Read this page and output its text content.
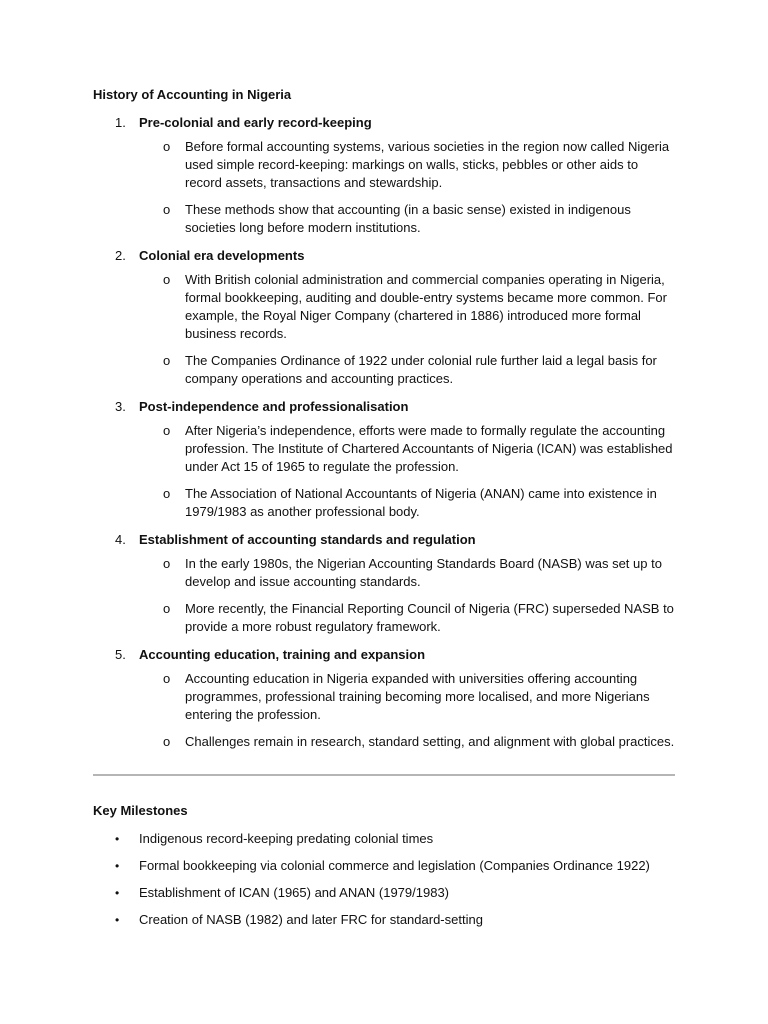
History of Accounting in Nigeria

1.	Pre-colonial and early record-keeping
o Before formal accounting systems, various societies in the region now called Nigeria used simple record-keeping: markings on walls, sticks, pebbles or other aids to record assets, transactions and stewardship.
o These methods show that accounting (in a basic sense) existed in indigenous societies long before modern institutions.
2.	Colonial era developments
o With British colonial administration and commercial companies operating in Nigeria, formal bookkeeping, auditing and double-entry systems became more common. For example, the Royal Niger Company (chartered in 1886) introduced more formal business records.
o The Companies Ordinance of 1922 under colonial rule further laid a legal basis for company operations and accounting practices.
3.	Post-independence and professionalisation
o After Nigeria’s independence, efforts were made to formally regulate the accounting profession. The Institute of Chartered Accountants of Nigeria (ICAN) was established under Act 15 of 1965 to regulate the profession.
o The Association of National Accountants of Nigeria (ANAN) came into existence in 1979/1983 as another professional body.
4.	Establishment of accounting standards and regulation
o In the early 1980s, the Nigerian Accounting Standards Board (NASB) was set up to develop and issue accounting standards.
o More recently, the Financial Reporting Council of Nigeria (FRC) superseded NASB to provide a more robust regulatory framework.
5.	Accounting education, training and expansion
o Accounting education in Nigeria expanded with universities offering accounting programmes, professional training becoming more localised, and more Nigerians entering the profession.
o Challenges remain in research, standard setting, and alignment with global practices.

Key Milestones

• Indigenous record-keeping predating colonial times
• Formal bookkeeping via colonial commerce and legislation (Companies Ordinance 1922)
• Establishment of ICAN (1965) and ANAN (1979/1983)
• Creation of NASB (1982) and later FRC for standard-setting
